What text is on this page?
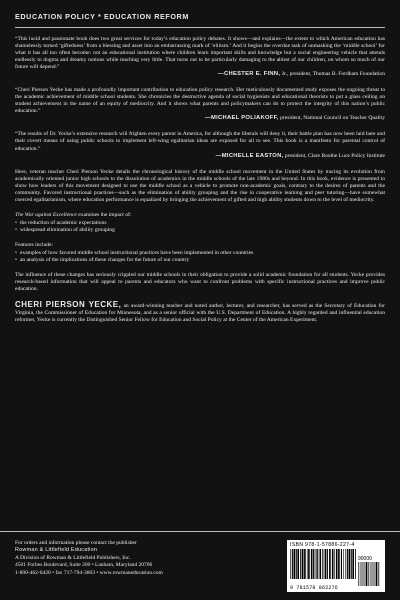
EDUCATION POLICY * EDUCATION REFORM
“This lucid and passionate book does two great services for today’s education policy debates. It shows—and explains—the extent to which American education has shamelessly turned ‘giftedness’ from a blessing and asset into an embarrassing mark of ‘elitism.’ And it begins the overdue task of unmasking the ‘middle school’ for what it has all too often become: not an educational institution where children learn important skills and knowledge but a social engineering vehicle that attends endlessly to dogma and dreamy notions while teaching very little. That turns out to be particularly damaging to the ablest of our children, on whom so much of our future will depend.”
—CHESTER E. FINN, Jr., president, Thomas B. Fordham Foundation
“Cheri Pierson Yecke has made a profoundly important contribution to education policy research. Her meticulously documented study exposes the ongoing threat to the academic achievement of middle school students. She chronicles the destructive agenda of social hygienists and educational theorists to put a glass ceiling on student achievement in the name of an equity of mediocrity. And it shows what parents and policymakers can do to protect the integrity of this nation’s public education.”
—MICHAEL POLIAKOFF, president, National Council on Teacher Quality
“The results of Dr. Yecke’s extensive research will frighten every parent in America, for although the liberals will deny it, their battle plan has now been laid bare and their covert means of using public schools to implement left-wing egalitarian ideas are exposed for all to see. This book is a manifesto for parental control of education.”
—MICHELLE EASTON, president, Clare Boothe Luce Policy Institute
Here, veteran teacher Cheri Pierson Yecke details the chronological history of the middle school movement in the United States by tracing its evolution from academically oriented junior high schools to the dissolution of academics in the middle schools of the late 1980s and beyond. In this book, evidence is presented to show how leaders of this movement designed to use the middle school as a vehicle to promote non-academic goals, contrary to the desires of parents and the community. Favored instructional practices—such as the elimination of ability grouping and the rise in cooperative learning and peer tutoring—have somewhat coerced egalitarianism, where education performance is equalized by bringing the achievement of gifted and high ability students down to the level of mediocrity.
The War against Excellence examines the impact of:
• the reduction of academic expectations
• widespread elimination of ability grouping
Features include:
• examples of how favored middle school instructional practices have been implemented in other countries
• an analysis of the implications of these changes for the future of our country
The influence of these changes has seriously crippled our middle schools in their obligation to provide a solid academic foundation for all students. Yecke provides research-based information that will appeal to parents and educators who want to confront problems with specific instructional practices and improve public education.
CHERI PIERSON YECKE, an award-winning teacher and noted author, lecturer, and researcher, has served as the Secretary of Education for Virginia, the Commissioner of Education for Minnesota, and as a senior official with the U.S. Department of Education. A highly regarded and influential education reformer, Yecke is currently the Distinguished Senior Fellow for Education and Social Policy at the Center of the American Experiment.
For orders and information please contact the publisher
Rowman & Littlefield Education
A Division of Rowman & Littlefield Publishers, Inc.
4501 Forbes Boulevard, Suite 200 • Lanham, Maryland 20706
1-800-462-6420 • fax 717-794-3803 • www.rowmaneducation.com
ISBN 978-1-57886-227-4
9 781578 862276
90000
